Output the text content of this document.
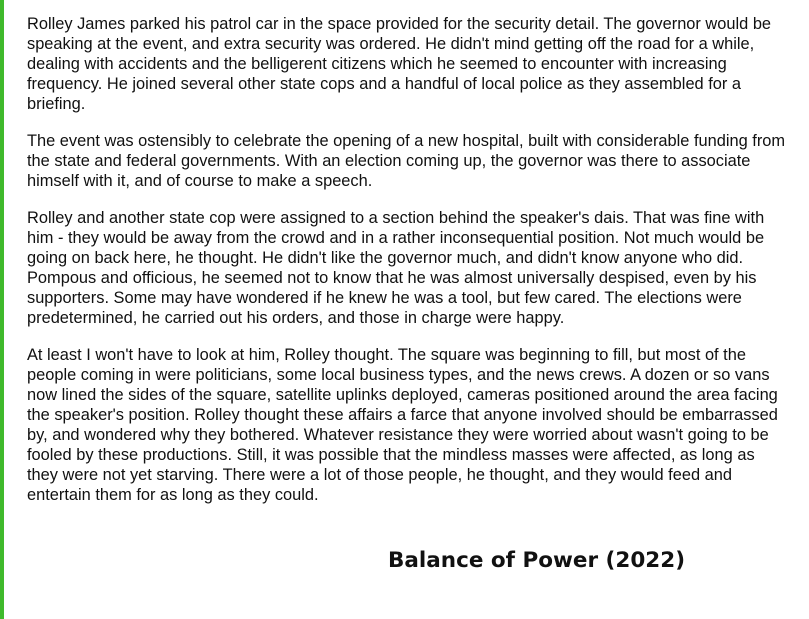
Rolley James parked his patrol car in the space provided for the security detail. The governor would be speaking at the event, and extra security was ordered. He didn't mind getting off the road for a while, dealing with accidents and the belligerent citizens which he seemed to encounter with increasing frequency. He joined several other state cops and a handful of local police as they assembled for a briefing.

The event was ostensibly to celebrate the opening of a new hospital, built with considerable funding from the state and federal governments. With an election coming up, the governor was there to associate himself with it, and of course to make a speech.

Rolley and another state cop were assigned to a section behind the speaker's dais. That was fine with him - they would be away from the crowd and in a rather inconsequential position. Not much would be going on back here, he thought. He didn't like the governor much, and didn't know anyone who did. Pompous and officious, he seemed not to know that he was almost universally despised, even by his supporters. Some may have wondered if he knew he was a tool, but few cared. The elections were predetermined, he carried out his orders, and those in charge were happy.

At least I won't have to look at him, Rolley thought. The square was beginning to fill, but most of the people coming in were politicians, some local business types, and the news crews. A dozen or so vans now lined the sides of the square, satellite uplinks deployed, cameras positioned around the area facing the speaker's position. Rolley thought these affairs a farce that anyone involved should be embarrassed by, and wondered why they bothered. Whatever resistance they were worried about wasn't going to be fooled by these productions. Still, it was possible that the mindless masses were affected, as long as they were not yet starving. There were a lot of those people, he thought, and they would feed and entertain them for as long as they could.

Balance of Power (2022)
